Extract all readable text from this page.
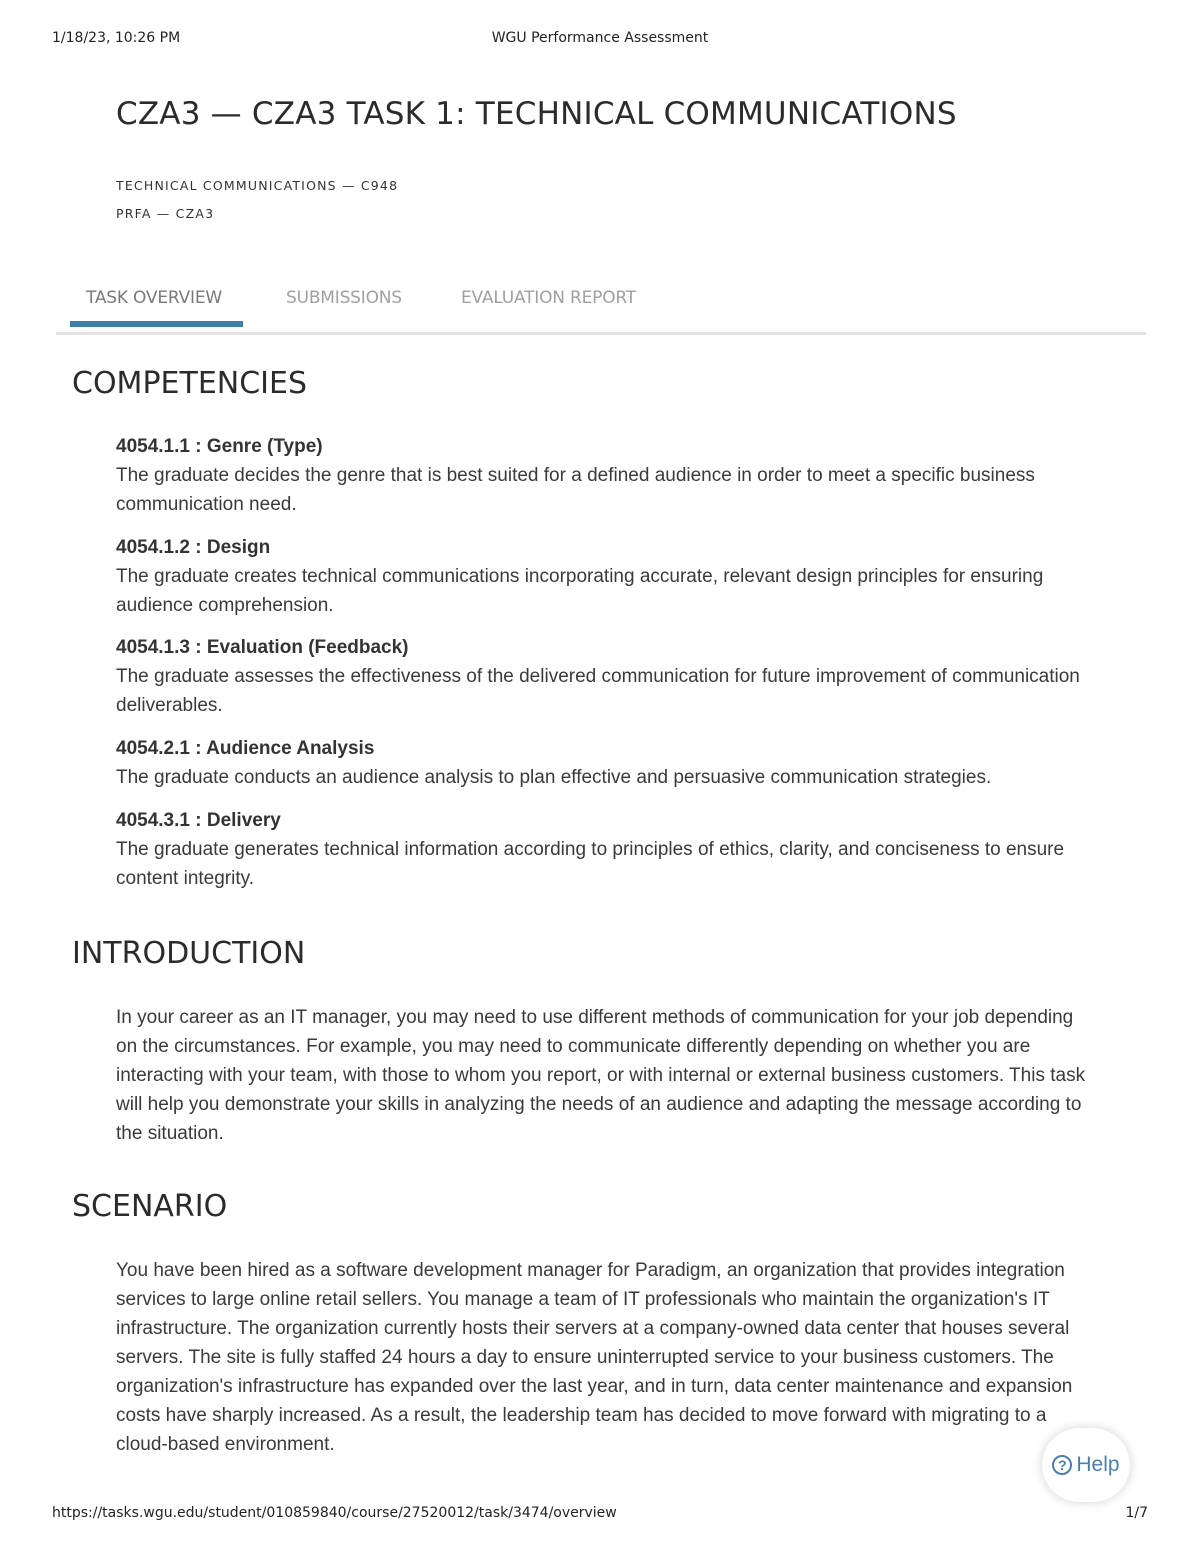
1/18/23, 10:26 PM	WGU Performance Assessment
CZA3 — CZA3 TASK 1: TECHNICAL COMMUNICATIONS
TECHNICAL COMMUNICATIONS — C948
PRFA — CZA3
TASK OVERVIEW	SUBMISSIONS	EVALUATION REPORT
COMPETENCIES
4054.1.1 : Genre (Type)
The graduate decides the genre that is best suited for a defined audience in order to meet a specific business communication need.
4054.1.2 : Design
The graduate creates technical communications incorporating accurate, relevant design principles for ensuring audience comprehension.
4054.1.3 : Evaluation (Feedback)
The graduate assesses the effectiveness of the delivered communication for future improvement of communication deliverables.
4054.2.1 : Audience Analysis
The graduate conducts an audience analysis to plan effective and persuasive communication strategies.
4054.3.1 : Delivery
The graduate generates technical information according to principles of ethics, clarity, and conciseness to ensure content integrity.
INTRODUCTION

In your career as an IT manager, you may need to use different methods of communication for your job depending on the circumstances. For example, you may need to communicate differently depending on whether you are interacting with your team, with those to whom you report, or with internal or external business customers. This task will help you demonstrate your skills in analyzing the needs of an audience and adapting the message according to the situation.

SCENARIO

You have been hired as a software development manager for Paradigm, an organization that provides integration services to large online retail sellers. You manage a team of IT professionals who maintain the organization's IT infrastructure. The organization currently hosts their servers at a company-owned data center that houses several servers. The site is fully staffed 24 hours a day to ensure uninterrupted service to your business customers. The organization's infrastructure has expanded over the last year, and in turn, data center maintenance and expansion costs have sharply increased. As a result, the leadership team has decided to move forward with migrating to a cloud-based environment.

? Help
https://tasks.wgu.edu/student/010859840/course/27520012/task/3474/overview	1/7
